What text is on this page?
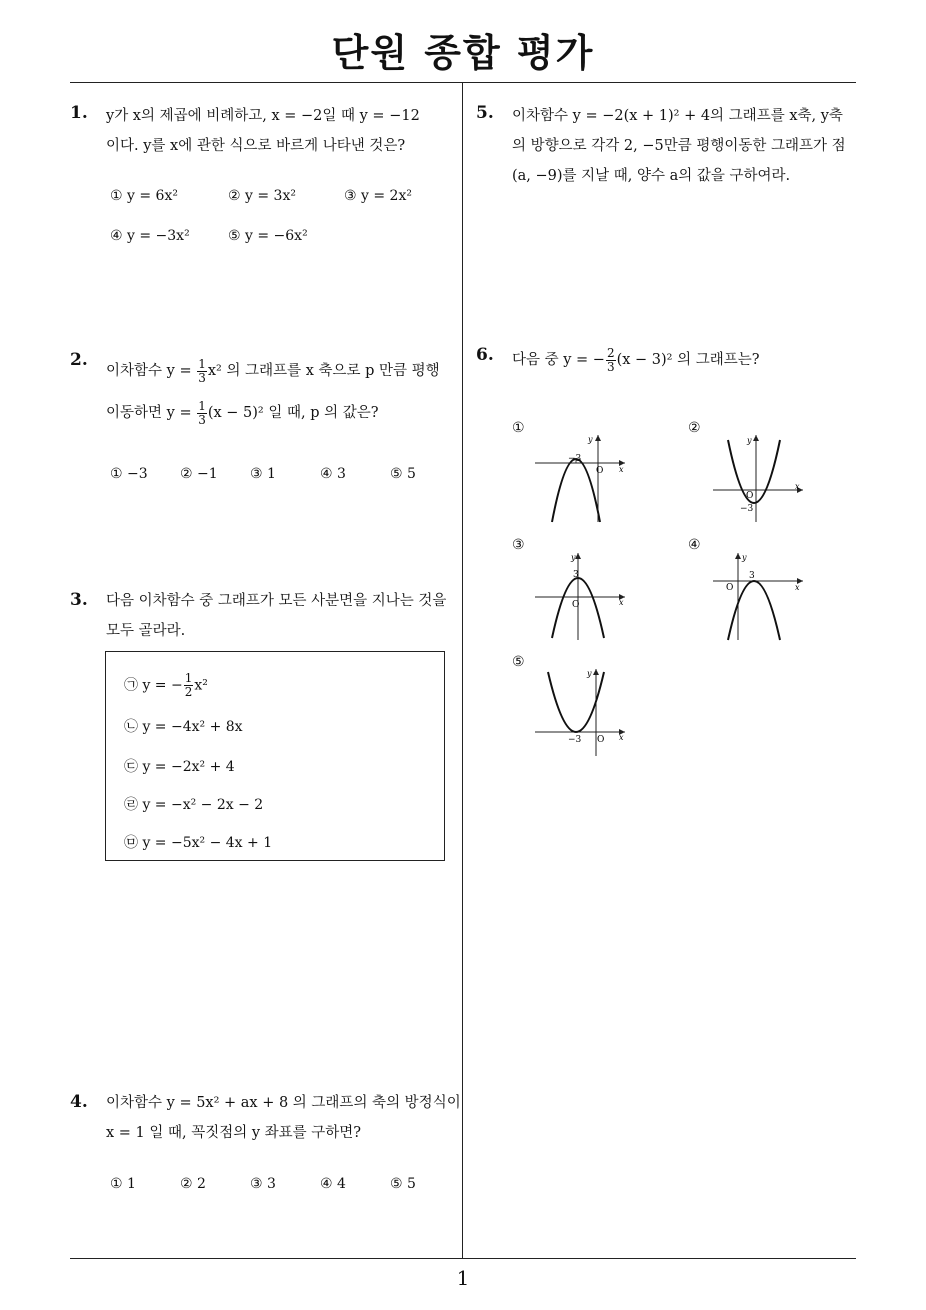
단원 종합 평가
1
1. y가 x의 제곱에 비례하고, x = −2일 때 y = −12
이다. y를 x에 관한 식으로 바르게 나타낸 것은?
① y = 6x²	② y = 3x²	③ y = 2x²
④ y = −3x²	⑤ y = −6x²
2.
이차함수 $y = \frac{1}{3} x^2$ 의 그래프를 x 축으로 p 만큼 평행
이동하면 $y = \frac{1}{3} (x - 5)^2$ 일 때, p 의 값은?
① −3 ② −1 ③ 1	④ 3	⑤ 5
3. 다음 이차함수 중 그래프가 모든 사분면을 지나는 것을
모두 골라라.
㉠ y = − $\frac{1}{2} x^2$
㉡ y = −4x² + 8x
㉢ y = −2x² + 4
㉣ y = −x² − 2x − 2
㉤ y = −5x² − 4x + 1
4. 이차함수 y = 5x² + ax + 8 의 그래프의 축의 방정식이
x = 1 일 때, 꼭짓점의 y 좌표를 구하면?
① 1	② 2	③ 3	④ 4	⑤ 5
5. 이차함수 y = −2(x + 1)² + 4의 그래프를 x축, y축
의 방향으로 각각 2, −5만큼 평행이동한 그래프가 점
(a, −9)를 지날 때, 양수 a의 값을 구하여라.
6. 다음 중 y = − $\frac{2}{3} (x - 3)^2$ 의 그래프는?
①	②
③	④
⑤
−3
O x
y
−3
O
x
y
3
O	x
y
3
O	x
y
−3 O x
y
